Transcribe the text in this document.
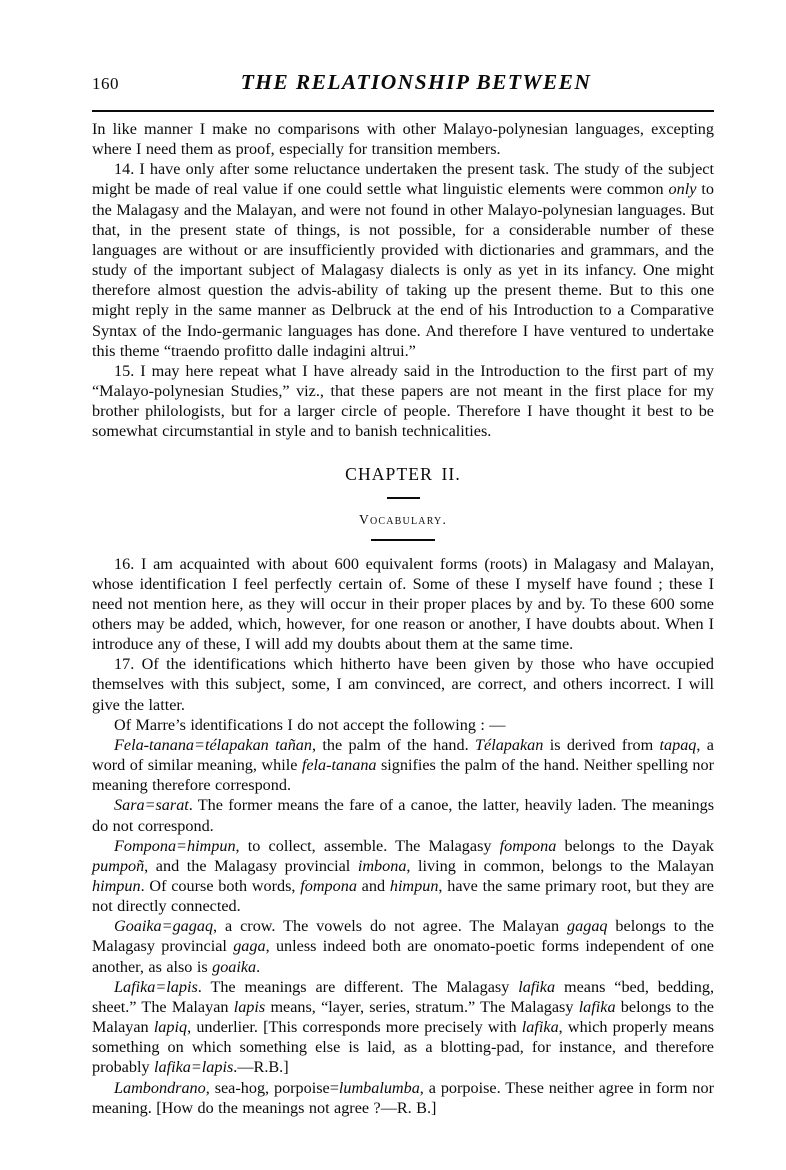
160	THE RELATIONSHIP BETWEEN

In like manner I make no comparisons with other Malayo-polynesian languages, excepting where I need them as proof, especially for transition members.

14. I have only after some reluctance undertaken the present task. The study of the subject might be made of real value if one could settle what linguistic elements were common only to the Malagasy and the Malayan, and were not found in other Malayo-polynesian languages. But that, in the present state of things, is not possible, for a considerable number of these languages are without or are insufficiently provided with dictionaries and grammars, and the study of the important subject of Malagasy dialects is only as yet in its infancy. One might therefore almost question the advis-ability of taking up the present theme. But to this one might reply in the same manner as Delbruck at the end of his Introduction to a Comparative Syntax of the Indo-germanic languages has done. And therefore I have ventured to undertake this theme “traendo profitto dalle indagini altrui.”

15. I may here repeat what I have already said in the Introduction to the first part of my “Malayo-polynesian Studies,” viz., that these papers are not meant in the first place for my brother philologists, but for a larger circle of people. Therefore I have thought it best to be somewhat circumstantial in style and to banish technicalities.

CHAPTER II.
Vocabulary.

16. I am acquainted with about 600 equivalent forms (roots) in Malagasy and Malayan, whose identification I feel perfectly certain of. Some of these I myself have found ; these I need not mention here, as they will occur in their proper places by and by. To these 600 some others may be added, which, however, for one reason or another, I have doubts about. When I introduce any of these, I will add my doubts about them at the same time.

17. Of the identifications which hitherto have been given by those who have occupied themselves with this subject, some, I am convinced, are correct, and others incorrect. I will give the latter.

Of Marre’s identifications I do not accept the following : —

Fela-tanana=télapakan tañan, the palm of the hand. Télapakan is derived from tapaq, a word of similar meaning, while fela-tanana signifies the palm of the hand. Neither spelling nor meaning therefore correspond.

Sara=sarat. The former means the fare of a canoe, the latter, heavily laden. The meanings do not correspond.

Fompona=himpun, to collect, assemble. The Malagasy fompona belongs to the Dayak pumpoñ, and the Malagasy provincial imbona, living in common, belongs to the Malayan himpun. Of course both words, fompona and himpun, have the same primary root, but they are not directly connected.

Goaika=gagaq, a crow. The vowels do not agree. The Malayan gagaq belongs to the Malagasy provincial gaga, unless indeed both are onomato-poetic forms independent of one another, as also is goaika.

Lafika=lapis. The meanings are different. The Malagasy lafika means “bed, bedding, sheet.” The Malayan lapis means, “layer, series, stratum.” The Malagasy lafika belongs to the Malayan lapiq, underlier. [This corresponds more precisely with lafika, which properly means something on which something else is laid, as a blotting-pad, for instance, and therefore probably lafika=lapis.—R.B.]

Lambondrano, sea-hog, porpoise=lumbalumba, a porpoise. These neither agree in form nor meaning. [How do the meanings not agree ?—R. B.]
